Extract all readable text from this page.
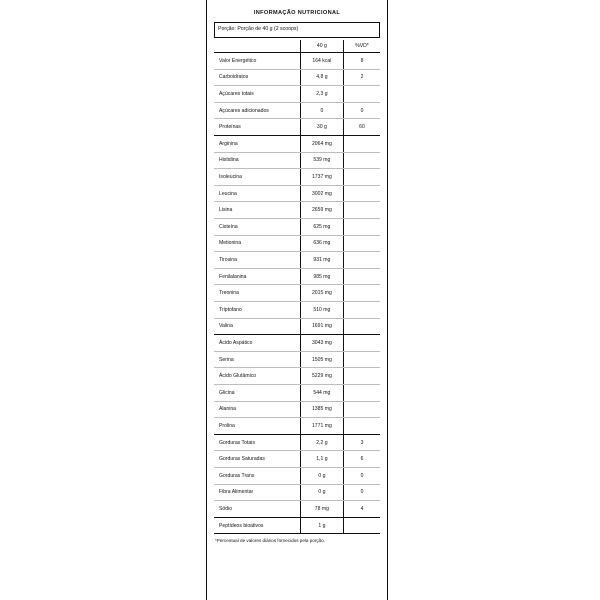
INFORMAÇÃO NUTRICIONAL
Porção: Porção de 40 g (2 scoops)
	40 g	%VD*
Valor Energético	164 kcal	8
Carboidratos	4,8 g	2
Açúcares totais	2,3 g	
Açúcares adicionados	0	0
Proteínas	30 g	60
Arginina	2064 mg	
Histidina	539 mg	
Isoleucina	1737 mg	
Leucina	3002 mg	
Lisina	2659 mg	
Cisteína	625 mg	
Metionina	636 mg	
Tirosina	931 mg	
Fenilalanina	985 mg	
Treonina	2015 mg	
Triptofano	510 mg	
Valina	1691 mg	
Ácido Aspático	3043 mg	
Serina	1505 mg	
Ácido Glutâmico	5229 mg	
Glicina	544 mg	
Alanina	1385 mg	
Prolina	1771 mg	
Gorduras Totais	2,2 g	3
Gorduras Saturadas	1,1 g	6
Gorduras Trans	0 g	0
Fibra Alimentar	0 g	0
Sódio	78 mg	4
Peptídeos bioativos	1 g	
*Percentual de valores diários fornecidos pela porção.
